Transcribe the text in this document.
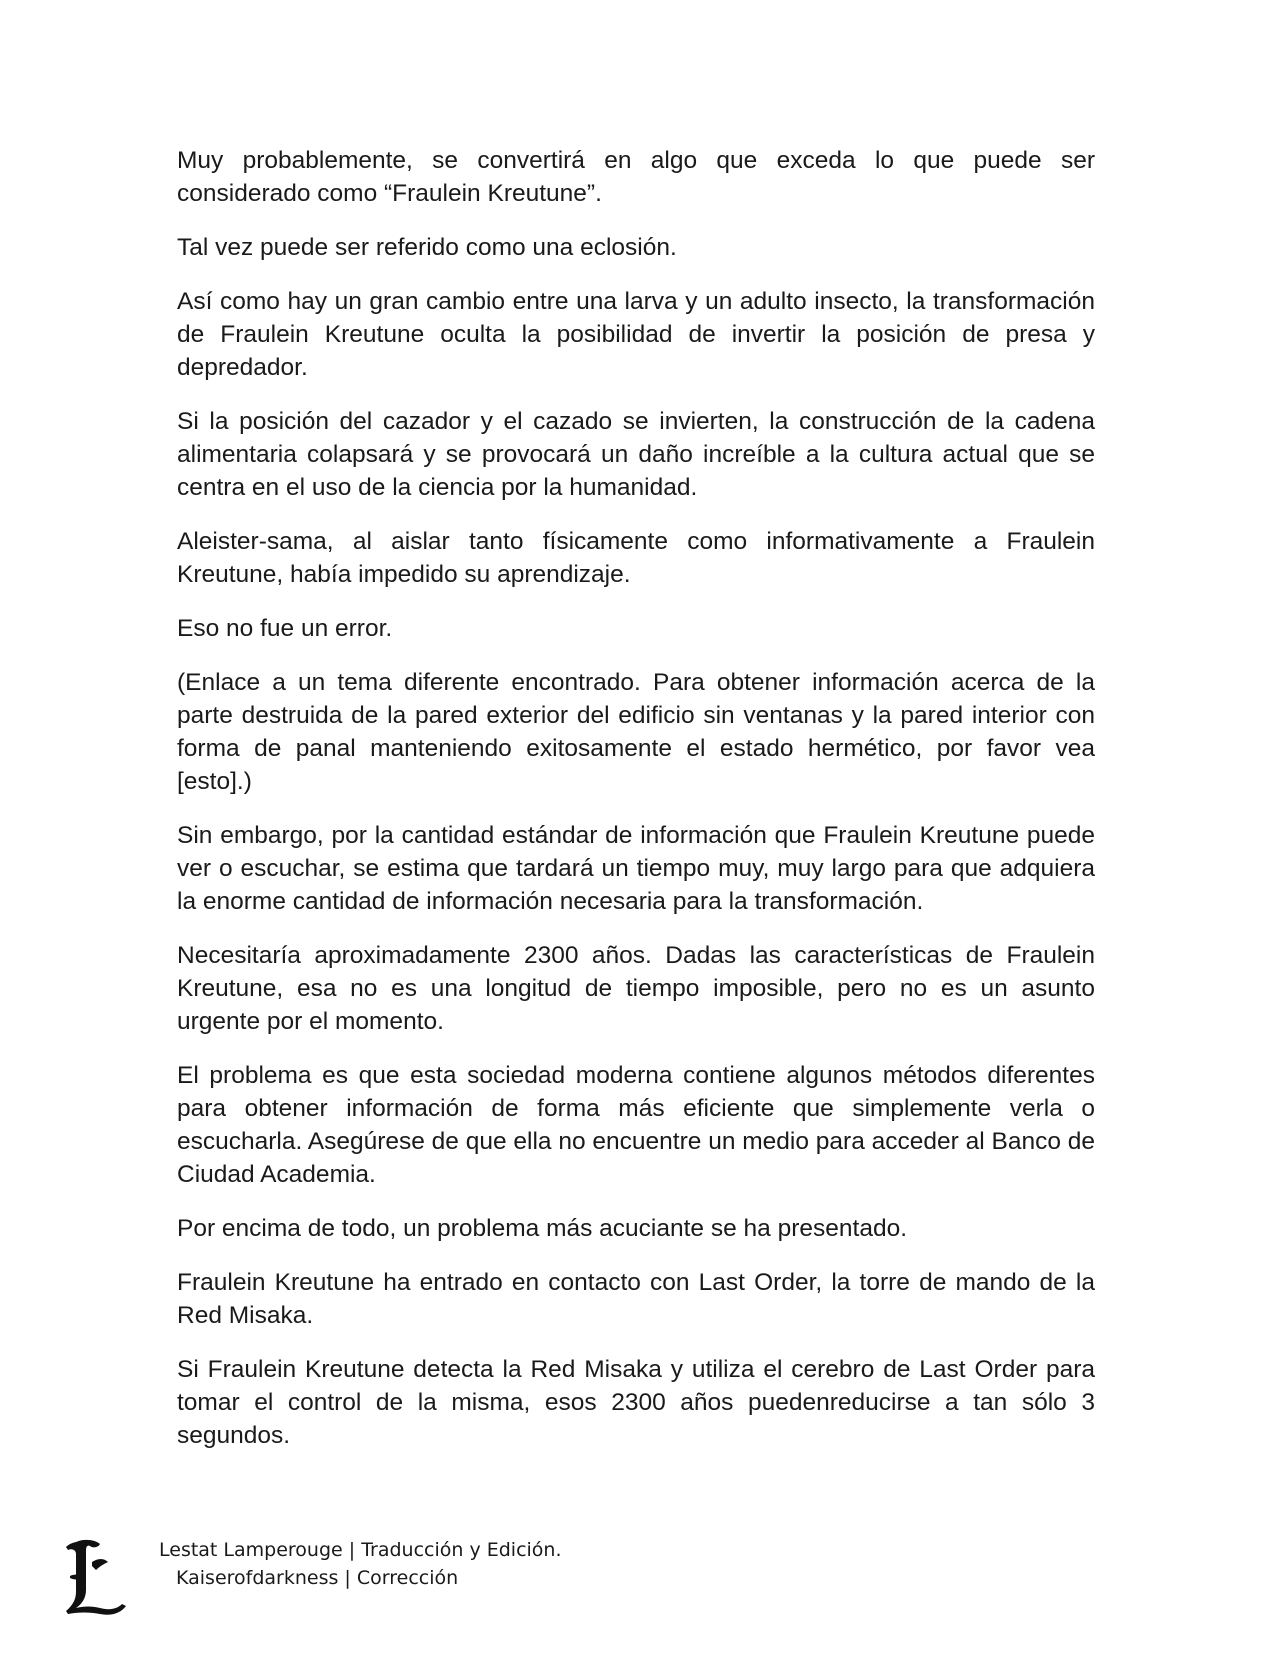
Muy probablemente, se convertirá en algo que exceda lo que puede ser considerado como “Fraulein Kreutune”.

Tal vez puede ser referido como una eclosión.

Así como hay un gran cambio entre una larva y un adulto insecto, la transformación de Fraulein Kreutune oculta la posibilidad de invertir la posición de presa y depredador.

Si la posición del cazador y el cazado se invierten, la construcción de la cadena alimentaria colapsará y se provocará un daño increíble a la cultura actual que se centra en el uso de la ciencia por la humanidad.

Aleister-sama, al aislar tanto físicamente como informativamente a Fraulein Kreutune, había impedido su aprendizaje.

Eso no fue un error.

(Enlace a un tema diferente encontrado. Para obtener información acerca de la parte destruida de la pared exterior del edificio sin ventanas y la pared interior con forma de panal manteniendo exitosamente el estado hermético, por favor vea [esto].)

Sin embargo, por la cantidad estándar de información que Fraulein Kreutune puede ver o escuchar, se estima que tardará un tiempo muy, muy largo para que adquiera la enorme cantidad de información necesaria para la transformación.

Necesitaría aproximadamente 2300 años. Dadas las características de Fraulein Kreutune, esa no es una longitud de tiempo imposible, pero no es un asunto urgente por el momento.

El problema es que esta sociedad moderna contiene algunos métodos diferentes para obtener información de forma más eficiente que simplemente verla o escucharla. Asegúrese de que ella no encuentre un medio para acceder al Banco de Ciudad Academia.

Por encima de todo, un problema más acuciante se ha presentado.

Fraulein Kreutune ha entrado en contacto con Last Order, la torre de mando de la Red Misaka.

Si Fraulein Kreutune detecta la Red Misaka y utiliza el cerebro de Last Order para tomar el control de la misma, esos 2300 años puedenreducirse a tan sólo 3 segundos.

Lestat Lamperouge | Traducción y Edición.
Kaiserofdarkness | Corrección
